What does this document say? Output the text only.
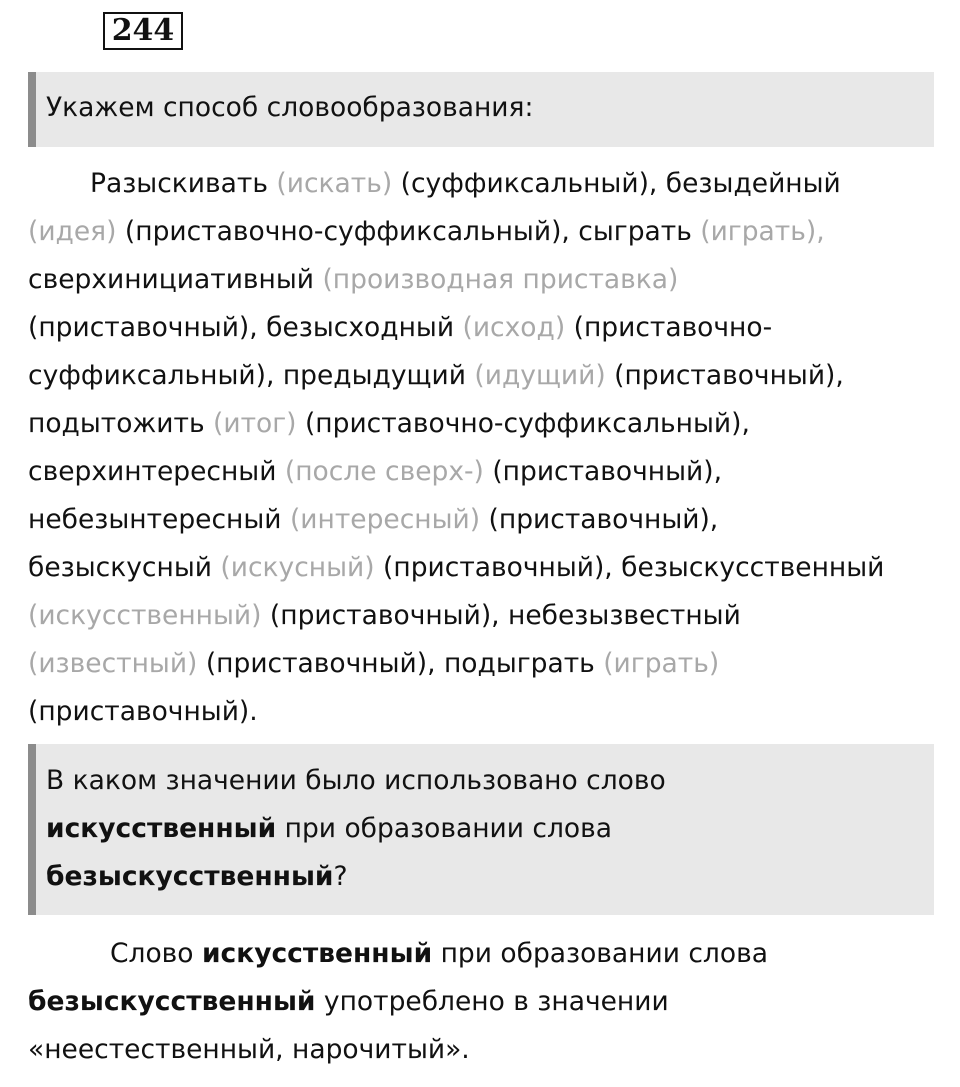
244
Укажем способ словообразования:

Разыскивать (искать) (суффиксальный), безыдейный
(идея) (приставочно-суффиксальный), сыграть (играть),
сверхинициативный (производная приставка)
(приставочный), безысходный (исход) (приставочно-
суффиксальный), предыдущий (идущий) (приставочный),
подытожить (итог) (приставочно-суффиксальный),
сверхинтересный (после сверх-) (приставочный),
небезынтересный (интересный) (приставочный),
безыскусный (искусный) (приставочный), безыскусственный
(искусственный) (приставочный), небезызвестный
(известный) (приставочный), подыграть (играть)
(приставочный).

В каком значении было использовано слово
искусственный при образовании слова
безыскусственный?

Слово искусственный при образовании слова
безыскусственный употреблено в значении
«неестественный, нарочитый».
